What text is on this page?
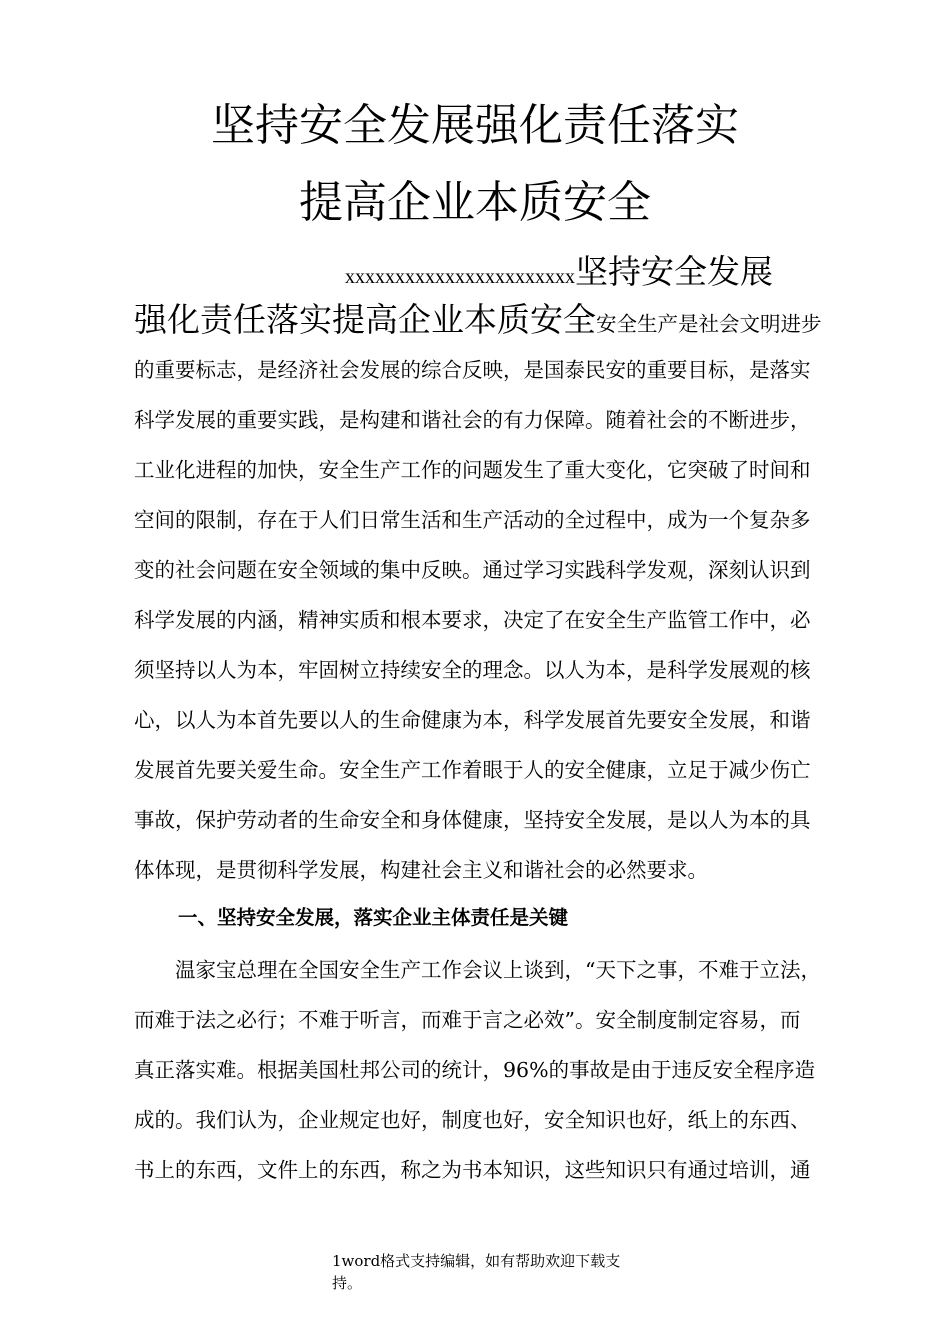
坚持安全发展强化责任落实
提高企业本质安全
xxxxxxxxxxxxxxxxxxxxxxx坚持安全发展
强化责任落实提高企业本质安全安全生产是社会文明进步
的重要标志，是经济社会发展的综合反映，是国泰民安的重要目标，是落实
科学发展的重要实践，是构建和谐社会的有力保障。随着社会的不断进步，
工业化进程的加快，安全生产工作的问题发生了重大变化，它突破了时间和
空间的限制，存在于人们日常生活和生产活动的全过程中，成为一个复杂多
变的社会问题在安全领域的集中反映。通过学习实践科学发观，深刻认识到
科学发展的内涵，精神实质和根本要求，决定了在安全生产监管工作中，必
须坚持以人为本，牢固树立持续安全的理念。以人为本，是科学发展观的核
心，以人为本首先要以人的生命健康为本，科学发展首先要安全发展，和谐
发展首先要关爱生命。安全生产工作着眼于人的安全健康，立足于减少伤亡
事故，保护劳动者的生命安全和身体健康，坚持安全发展，是以人为本的具
体体现，是贯彻科学发展，构建社会主义和谐社会的必然要求。
一、坚持安全发展，落实企业主体责任是关键
　　温家宝总理在全国安全生产工作会议上谈到，“天下之事，不难于立法，
而难于法之必行；不难于听言，而难于言之必效”。安全制度制定容易，而
真正落实难。根据美国杜邦公司的统计，96%的事故是由于违反安全程序造
成的。我们认为，企业规定也好，制度也好，安全知识也好，纸上的东西、
书上的东西，文件上的东西，称之为书本知识，这些知识只有通过培训，通
1word格式支持编辑，如有帮助欢迎下载支
持。
